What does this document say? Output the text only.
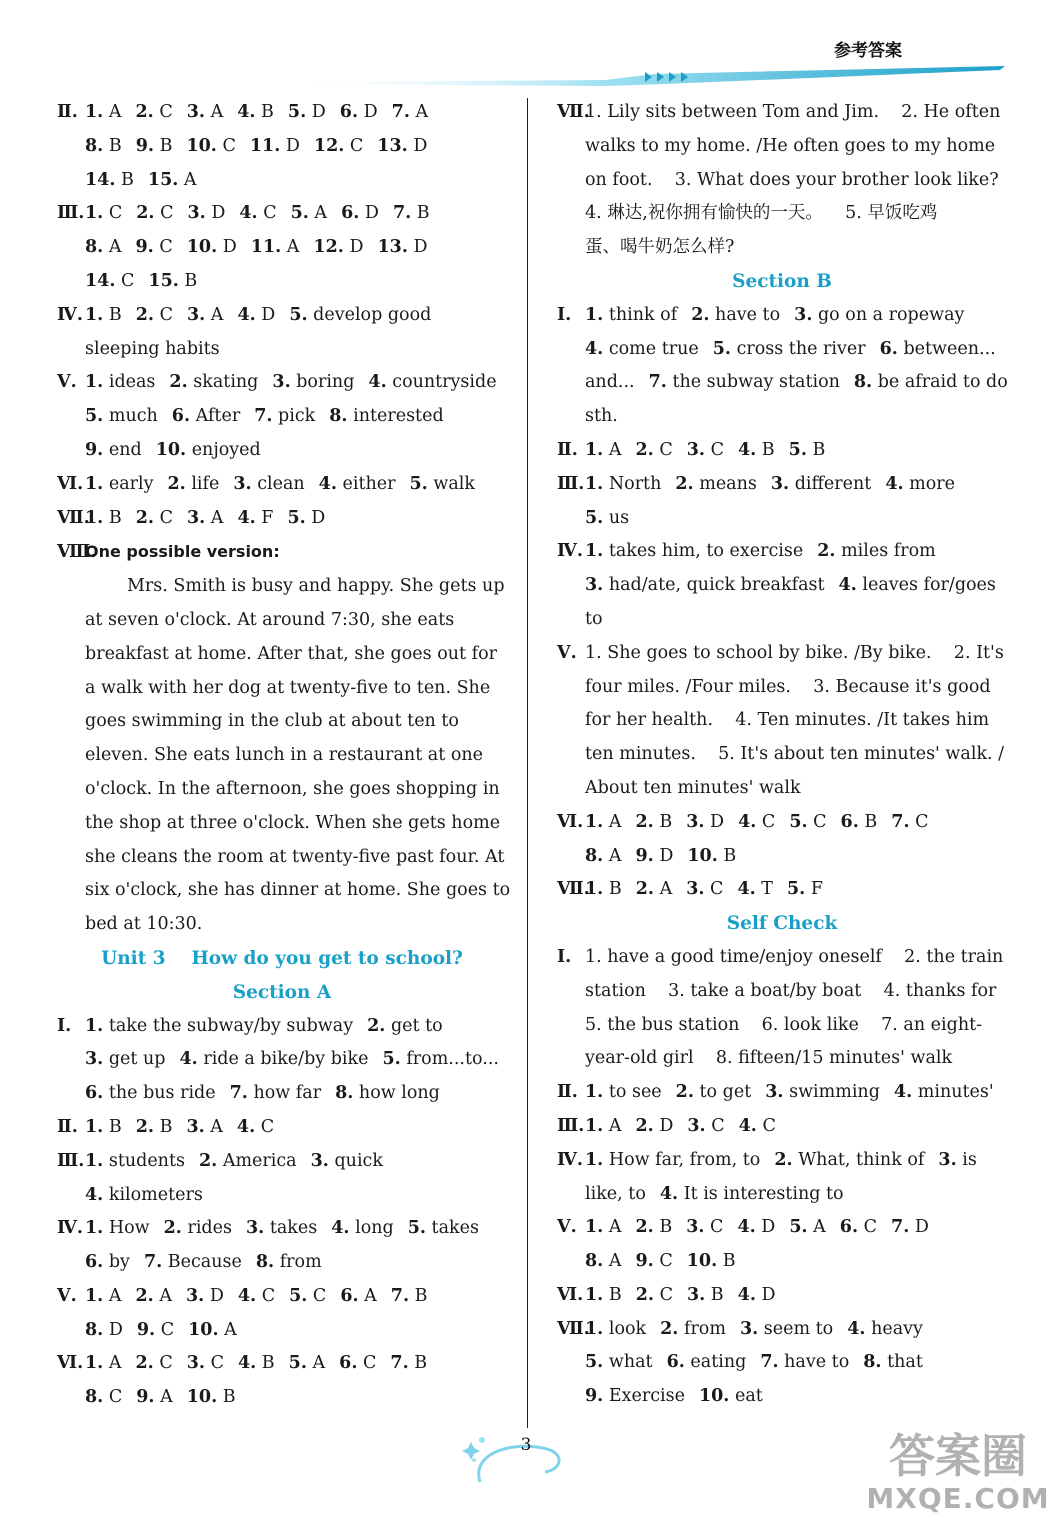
参考答案
Ⅱ. 1. A 2. C 3. A 4. B 5. D 6. D 7. A
8. B 9. B 10. C 11. D 12. C 13. D
14. B 15. A
Ⅲ.1. C 2. C 3. D 4. C 5. A 6. D 7. B
8. A 9. C 10. D 11. A 12. D 13. D
14. C 15. B
Ⅳ. 1. B 2. C 3. A 4. D 5. develop good
sleeping habits
Ⅴ. 1. ideas 2. skating 3. boring 4. countryside
5. much 6. After 7. pick 8. interested
9. end 10. enjoyed
Ⅵ. 1. early 2. life 3. clean 4. either 5. walk
Ⅶ.1. B 2. C 3. A 4. F 5. D
Ⅷ.One possible version:
Mrs. Smith is busy and happy. She gets up
at seven o'clock. At around 7:30, she eats
breakfast at home. After that, she goes out for
a walk with her dog at twenty-five to ten. She
goes swimming in the club at about ten to
eleven. She eats lunch in a restaurant at one
o'clock. In the afternoon, she goes shopping in
the shop at three o'clock. When she gets home
she cleans the room at twenty-five past four. At
six o'clock, she has dinner at home. She goes to
bed at 10:30.
Unit 3    How do you get to school?
Section A
Ⅰ. 1. take the subway/by subway 2. get to
3. get up 4. ride a bike/by bike 5. from...to...
6. the bus ride 7. how far 8. how long
Ⅱ. 1. B 2. B 3. A 4. C
Ⅲ.1. students 2. America 3. quick
4. kilometers
Ⅳ. 1. How 2. rides 3. takes 4. long 5. takes
6. by 7. Because 8. from
Ⅴ. 1. A 2. A 3. D 4. C 5. C 6. A 7. B
8. D 9. C 10. A
Ⅵ. 1. A 2. C 3. C 4. B 5. A 6. C 7. B
8. C 9. A 10. B
Ⅶ.1. Lily sits between Tom and Jim.    2. He often
walks to my home. /He often goes to my home
on foot.    3. What does your brother look like?
4. 琳达,祝你拥有愉快的一天。    5. 早饭吃鸡
蛋、喝牛奶怎么样?
Section B
Ⅰ. 1. think of 2. have to 3. go on a ropeway
4. come true 5. cross the river 6. between...
and... 7. the subway station 8. be afraid to do
sth.
Ⅱ. 1. A 2. C 3. C 4. B 5. B
Ⅲ.1. North 2. means 3. different 4. more
5. us
Ⅳ. 1. takes him, to exercise 2. miles from
3. had/ate, quick breakfast 4. leaves for/goes
to
Ⅴ. 1. She goes to school by bike. /By bike.    2. It's
four miles. /Four miles.    3. Because it's good
for her health.    4. Ten minutes. /It takes him
ten minutes.    5. It's about ten minutes' walk. /
About ten minutes' walk
Ⅵ. 1. A 2. B 3. D 4. C 5. C 6. B 7. C
8. A 9. D 10. B
Ⅶ.1. B 2. A 3. C 4. T 5. F
Self Check
Ⅰ. 1. have a good time/enjoy oneself    2. the train
station    3. take a boat/by boat    4. thanks for
5. the bus station    6. look like    7. an eight-
year-old girl    8. fifteen/15 minutes' walk
Ⅱ. 1. to see 2. to get 3. swimming 4. minutes'
Ⅲ.1. A 2. D 3. C 4. C
Ⅳ. 1. How far, from, to 2. What, think of 3. is
like, to 4. It is interesting to
Ⅴ. 1. A 2. B 3. C 4. D 5. A 6. C 7. D
8. A 9. C 10. B
Ⅵ. 1. B 2. C 3. B 4. D
Ⅶ.1. look 2. from 3. seem to 4. heavy
5. what 6. eating 7. have to 8. that
9. Exercise 10. eat
3	答案圈
MXQE.COM
